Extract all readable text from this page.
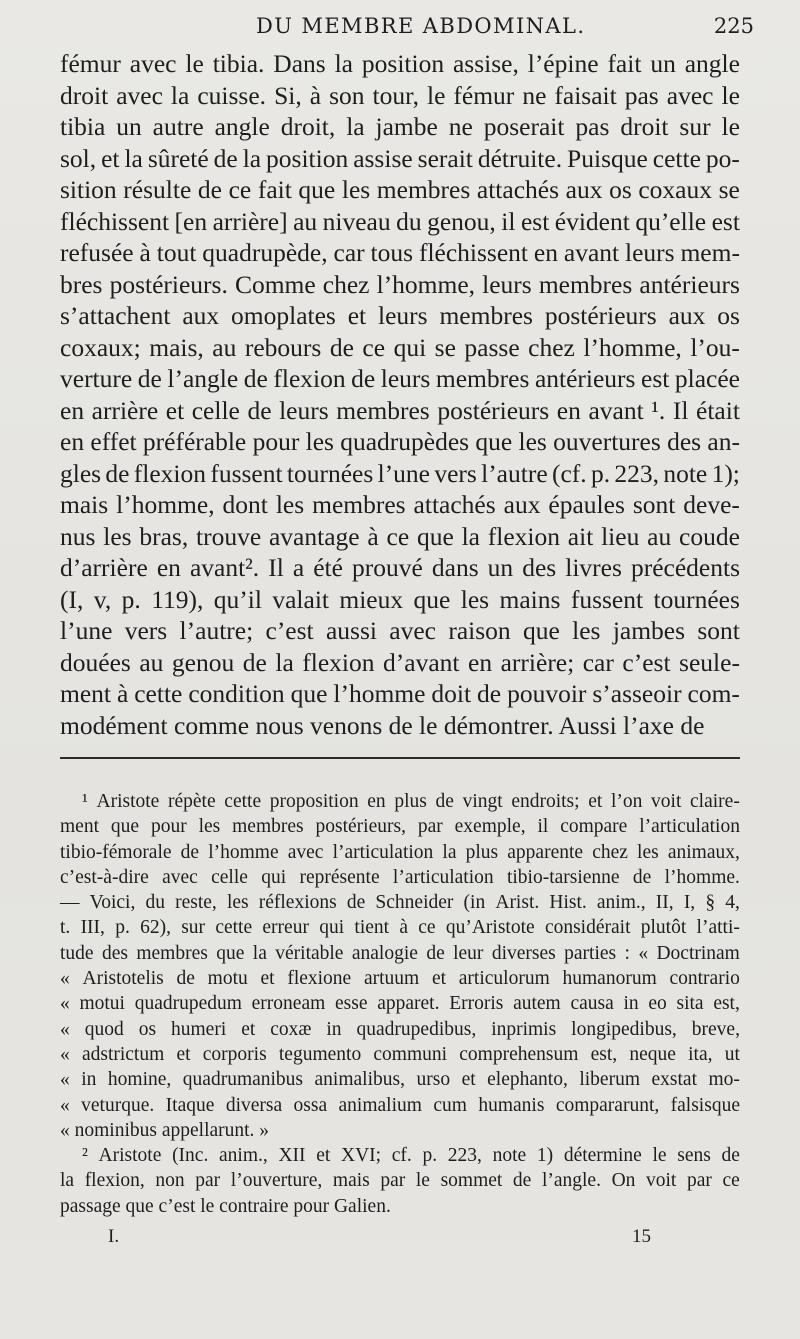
DU MEMBRE ABDOMINAL.	225
fémur avec le tibia. Dans la position assise, l’épine fait un angle
droit avec la cuisse. Si, à son tour, le fémur ne faisait pas avec le
tibia un autre angle droit, la jambe ne poserait pas droit sur le
sol, et la sûreté de la position assise serait détruite. Puisque cette po-
sition résulte de ce fait que les membres attachés aux os coxaux se
fléchissent [en arrière] au niveau du genou, il est évident qu’elle est
refusée à tout quadrupède, car tous fléchissent en avant leurs mem-
bres postérieurs. Comme chez l’homme, leurs membres antérieurs
s’attachent aux omoplates et leurs membres postérieurs aux os
coxaux; mais, au rebours de ce qui se passe chez l’homme, l’ou-
verture de l’angle de flexion de leurs membres antérieurs est placée
en arrière et celle de leurs membres postérieurs en avant ¹. Il était
en effet préférable pour les quadrupèdes que les ouvertures des an-
gles de flexion fussent tournées l’une vers l’autre (cf. p. 223, note 1);
mais l’homme, dont les membres attachés aux épaules sont deve-
nus les bras, trouve avantage à ce que la flexion ait lieu au coude
d’arrière en avant². Il a été prouvé dans un des livres précédents
(I, v, p. 119), qu’il valait mieux que les mains fussent tournées
l’une vers l’autre; c’est aussi avec raison que les jambes sont
douées au genou de la flexion d’avant en arrière; car c’est seule-
ment à cette condition que l’homme doit de pouvoir s’asseoir com-
modément comme nous venons de le démontrer. Aussi l’axe de
¹ Aristote répète cette proposition en plus de vingt endroits; et l’on voit claire-
ment que pour les membres postérieurs, par exemple, il compare l’articulation
tibio-fémorale de l’homme avec l’articulation la plus apparente chez les animaux,
c’est-à-dire avec celle qui représente l’articulation tibio-tarsienne de l’homme.
— Voici, du reste, les réflexions de Schneider (in Arist. Hist. anim., II, I, § 4,
t. III, p. 62), sur cette erreur qui tient à ce qu’Aristote considérait plutôt l’atti-
tude des membres que la véritable analogie de leur diverses parties : « Doctrinam
« Aristotelis de motu et flexione artuum et articulorum humanorum contrario
« motui quadrupedum erroneam esse apparet. Erroris autem causa in eo sita est,
« quod os humeri et coxæ in quadrupedibus, inprimis longipedibus, breve,
« adstrictum et corporis tegumento communi comprehensum est, neque ita, ut
« in homine, quadrumanibus animalibus, urso et elephanto, liberum exstat mo-
« veturque. Itaque diversa ossa animalium cum humanis compararunt, falsisque
« nominibus appellarunt. »
² Aristote (Inc. anim., XII et XVI; cf. p. 223, note 1) détermine le sens de
la flexion, non par l’ouverture, mais par le sommet de l’angle. On voit par ce
passage que c’est le contraire pour Galien.
I.	15
